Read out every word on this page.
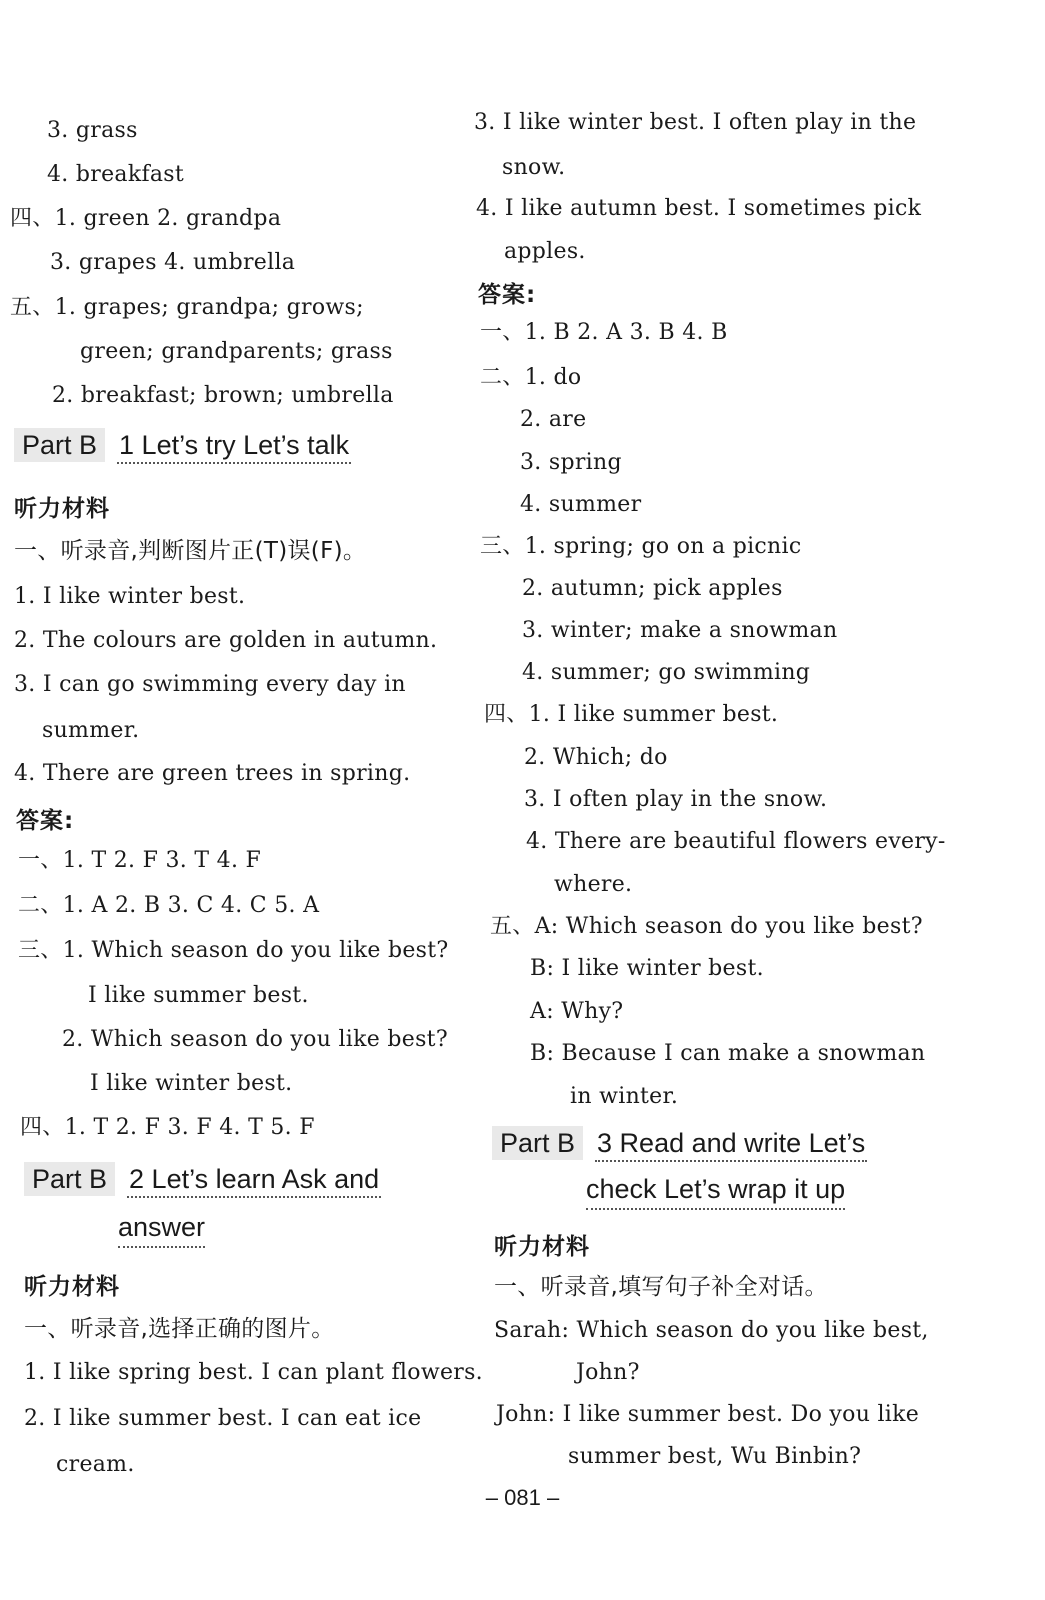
3. grass
4. breakfast
四、1. green 2. grandpa
3. grapes 4. umbrella
五、1. grapes; grandpa; grows;
green; grandparents; grass
2. breakfast; brown; umbrella
Part B 1 Let’s try Let’s talk
听力材料
一、听录音,判断图片正(T)误(F)。
1. I like winter best.
2. The colours are golden in autumn.
3. I can go swimming every day in
summer.
4. There are green trees in spring.
答案:
一、1. T 2. F 3. T 4. F
二、1. A 2. B 3. C 4. C 5. A
三、1. Which season do you like best?
I like summer best.
2. Which season do you like best?
I like winter best.
四、1. T 2. F 3. F 4. T 5. F
Part B 2 Let’s learn Ask and
answer
听力材料
一、听录音,选择正确的图片。
1. I like spring best. I can plant flowers.
2. I like summer best. I can eat ice
cream.
3. I like winter best. I often play in the
snow.
4. I like autumn best. I sometimes pick
apples.
答案:
一、1. B 2. A 3. B 4. B
二、1. do
2. are
3. spring
4. summer
三、1. spring; go on a picnic
2. autumn; pick apples
3. winter; make a snowman
4. summer; go swimming
四、1. I like summer best.
2. Which; do
3. I often play in the snow.
4. There are beautiful flowers every-
where.
五、A: Which season do you like best?
B: I like winter best.
A: Why?
B: Because I can make a snowman
in winter.
Part B 3 Read and write Let’s
check Let’s wrap it up
听力材料
一、听录音,填写句子补全对话。
Sarah: Which season do you like best,
John?
John: I like summer best. Do you like
summer best, Wu Binbin?
– 081 –
